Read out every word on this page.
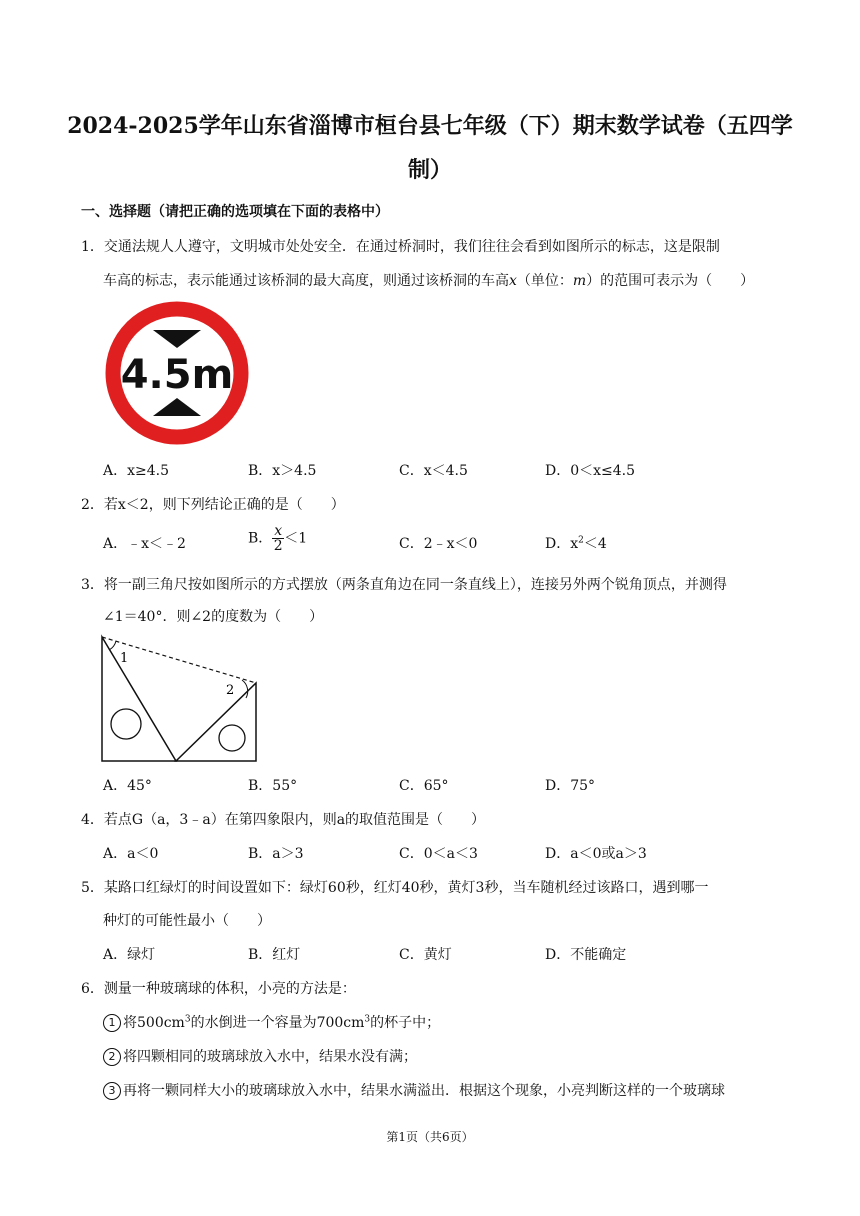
2024-2025学年山东省淄博市桓台县七年级（下）期末数学试卷（五四学
制）
一、选择题（请把正确的选项填在下面的表格中）
1．交通法规人人遵守，文明城市处处安全．在通过桥洞时，我们往往会看到如图所示的标志，这是限制
车高的标志，表示能通过该桥洞的最大高度，则通过该桥洞的车高x（单位：m）的范围可表示为（　　）
4.5m
A．x≥4.5	B．x＞4.5	C．x＜4.5	D．0＜x≤4.5
2．若x＜2，则下列结论正确的是（　　）
A．﹣x＜﹣2	B． $\frac{x}{2} <1$	C．2﹣x＜0	D．$x^2<4$
3．将一副三角尺按如图所示的方式摆放（两条直角边在同一条直线上），连接另外两个锐角顶点，并测得
∠1＝40°．则∠2的度数为（　　）
1
2
A．45°	B．55°	C．65°	D．75°
4．若点G（a，3﹣a）在第四象限内，则a的取值范围是（　　）
A．a＜0	B．a＞3	C．0＜a＜3	D．a＜0或a＞3
5．某路口红绿灯的时间设置如下：绿灯60秒，红灯40秒，黄灯3秒，当车随机经过该路口，遇到哪一
种灯的可能性最小（　　）
A．绿灯	B．红灯	C．黄灯	D．不能确定
6．测量一种玻璃球的体积，小亮的方法是：
1 将$500cm^3$的水倒进一个容量为$700cm^3$的杯子中；
2 将四颗相同的玻璃球放入水中，结果水没有满；
3 再将一颗同样大小的玻璃球放入水中，结果水满溢出．根据这个现象，小亮判断这样的一个玻璃球
第1页（共6页）
